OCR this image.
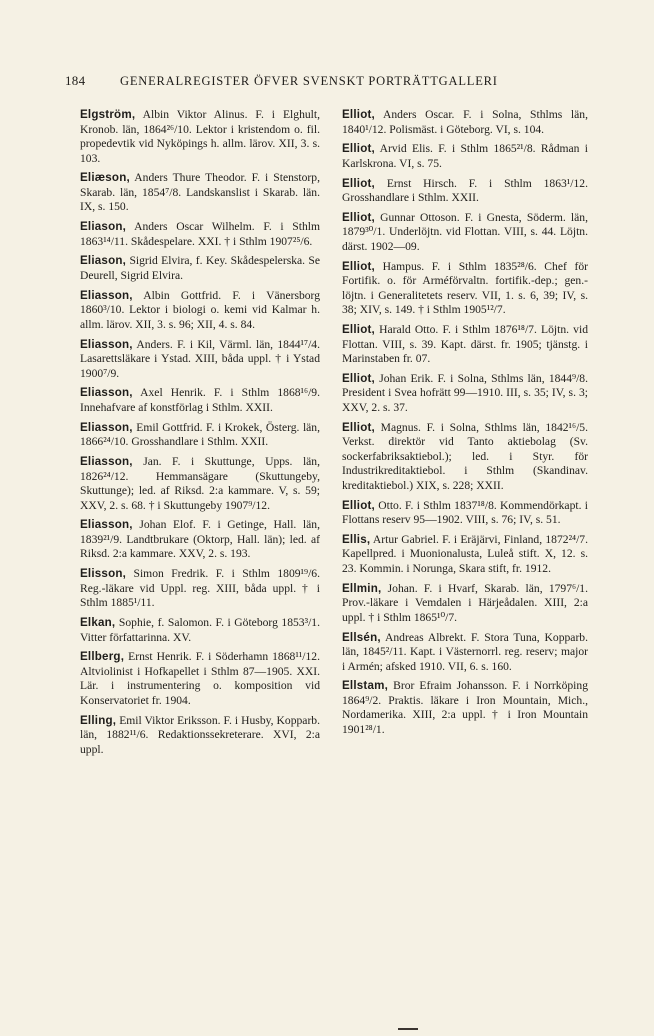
184	GENERALREGISTER ÖFVER SVENSKT PORTRÄTTGALLERI

Elgström, Albin Viktor Alinus. F. i Elghult, Kronob. län, 1864²⁶/10. Lektor i kristendom o. fil. propedevtik vid Nyköpings h. allm. lärov. XII, 3. s. 103.

Eliæson, Anders Thure Theodor. F. i Stenstorp, Skarab. län, 1854⁷/8. Landskanslist i Skarab. län. IX, s. 150.

Eliason, Anders Oscar Wilhelm. F. i Sthlm 1863¹⁴/11. Skådespelare. XXI. † i Sthlm 1907²⁵/6.

Eliason, Sigrid Elvira, f. Key. Skådespelerska. Se Deurell, Sigrid Elvira.

Eliasson, Albin Gottfrid. F. i Vänersborg 1860³/10. Lektor i biologi o. kemi vid Kalmar h. allm. lärov. XII, 3. s. 96; XII, 4. s. 84.

Eliasson, Anders. F. i Kil, Värml. län, 1844¹⁷/4. Lasarettsläkare i Ystad. XIII, båda uppl. † i Ystad 1900⁷/9.

Eliasson, Axel Henrik. F. i Sthlm 1868¹⁶/9. Innehafvare af konstförlag i Sthlm. XXII.

Eliasson, Emil Gottfrid. F. i Krokek, Österg. län, 1866²⁴/10. Grosshandlare i Sthlm. XXII.

Eliasson, Jan. F. i Skuttunge, Upps. län, 1826²⁴/12. Hemmansägare (Skuttungeby, Skuttunge); led. af Riksd. 2:a kammare. V, s. 59; XXV, 2. s. 68. † i Skuttungeby 1907⁹/12.

Eliasson, Johan Elof. F. i Getinge, Hall. län, 1839²¹/9. Landtbrukare (Oktorp, Hall. län); led. af Riksd. 2:a kammare. XXV, 2. s. 193.

Elisson, Simon Fredrik. F. i Sthlm 1809¹⁹/6. Reg.-läkare vid Uppl. reg. XIII, båda uppl. † i Sthlm 1885¹/11.

Elkan, Sophie, f. Salomon. F. i Göteborg 1853³/1. Vitter författarinna. XV.

Ellberg, Ernst Henrik. F. i Söderhamn 1868¹¹/12. Altviolinist i Hofkapellet i Sthlm 87—1905. XXI. Lär. i instrumentering o. komposition vid Konservatoriet fr. 1904.

Elling, Emil Viktor Eriksson. F. i Husby, Kopparb. län, 1882¹¹/6. Redaktionssekreterare. XVI, 2:a uppl.

Elliot, Anders Oscar. F. i Solna, Sthlms län, 1840¹/12. Polismäst. i Göteborg. VI, s. 104.

Elliot, Arvid Elis. F. i Sthlm 1865²¹/8. Rådman i Karlskrona. VI, s. 75.

Elliot, Ernst Hirsch. F. i Sthlm 1863¹/12. Grosshandlare i Sthlm. XXII.

Elliot, Gunnar Ottoson. F. i Gnesta, Söderm. län, 1879³⁰/1. Underlöjtn. vid Flottan. VIII, s. 44. Löjtn. därst. 1902—09.

Elliot, Hampus. F. i Sthlm 1835²⁸/6. Chef för Fortifik. o. för Arméförvaltn. fortifik.-dep.; gen.-löjtn. i Generalitetets reserv. VII, 1. s. 6, 39; IV, s. 38; XIV, s. 149. † i Sthlm 1905¹²/7.

Elliot, Harald Otto. F. i Sthlm 1876¹⁸/7. Löjtn. vid Flottan. VIII, s. 39. Kapt. därst. fr. 1905; tjänstg. i Marinstaben fr. 07.

Elliot, Johan Erik. F. i Solna, Sthlms län, 1844⁹/8. President i Svea hofrätt 99—1910. III, s. 35; IV, s. 3; XXV, 2. s. 37.

Elliot, Magnus. F. i Solna, Sthlms län, 1842¹⁶/5. Verkst. direktör vid Tanto aktiebolag (Sv. sockerfabriksaktiebol.); led. i Styr. för Industrikreditaktiebol. i Sthlm (Skandinav. kreditaktiebol.) XIX, s. 228; XXII.

Elliot, Otto. F. i Sthlm 1837¹⁸/8. Kommendörkapt. i Flottans reserv 95—1902. VIII, s. 76; IV, s. 51.

Ellis, Artur Gabriel. F. i Eräjärvi, Finland, 1872²⁴/7. Kapellpred. i Muonionalusta, Luleå stift. X, 12. s. 23. Kommin. i Norunga, Skara stift, fr. 1912.

Ellmin, Johan. F. i Hvarf, Skarab. län, 1797⁶/1. Prov.-läkare i Vemdalen i Härjeådalen. XIII, 2:a uppl. † i Sthlm 1865¹⁰/7.

Ellsén, Andreas Albrekt. F. Stora Tuna, Kopparb. län, 1845²/11. Kapt. i Västernorrl. reg. reserv; major i Armén; afsked 1910. VII, 6. s. 160.

Ellstam, Bror Efraim Johansson. F. i Norrköping 1864⁹/2. Praktis. läkare i Iron Mountain, Mich., Nordamerika. XIII, 2:a uppl. † i Iron Mountain 1901²⁸/1.
